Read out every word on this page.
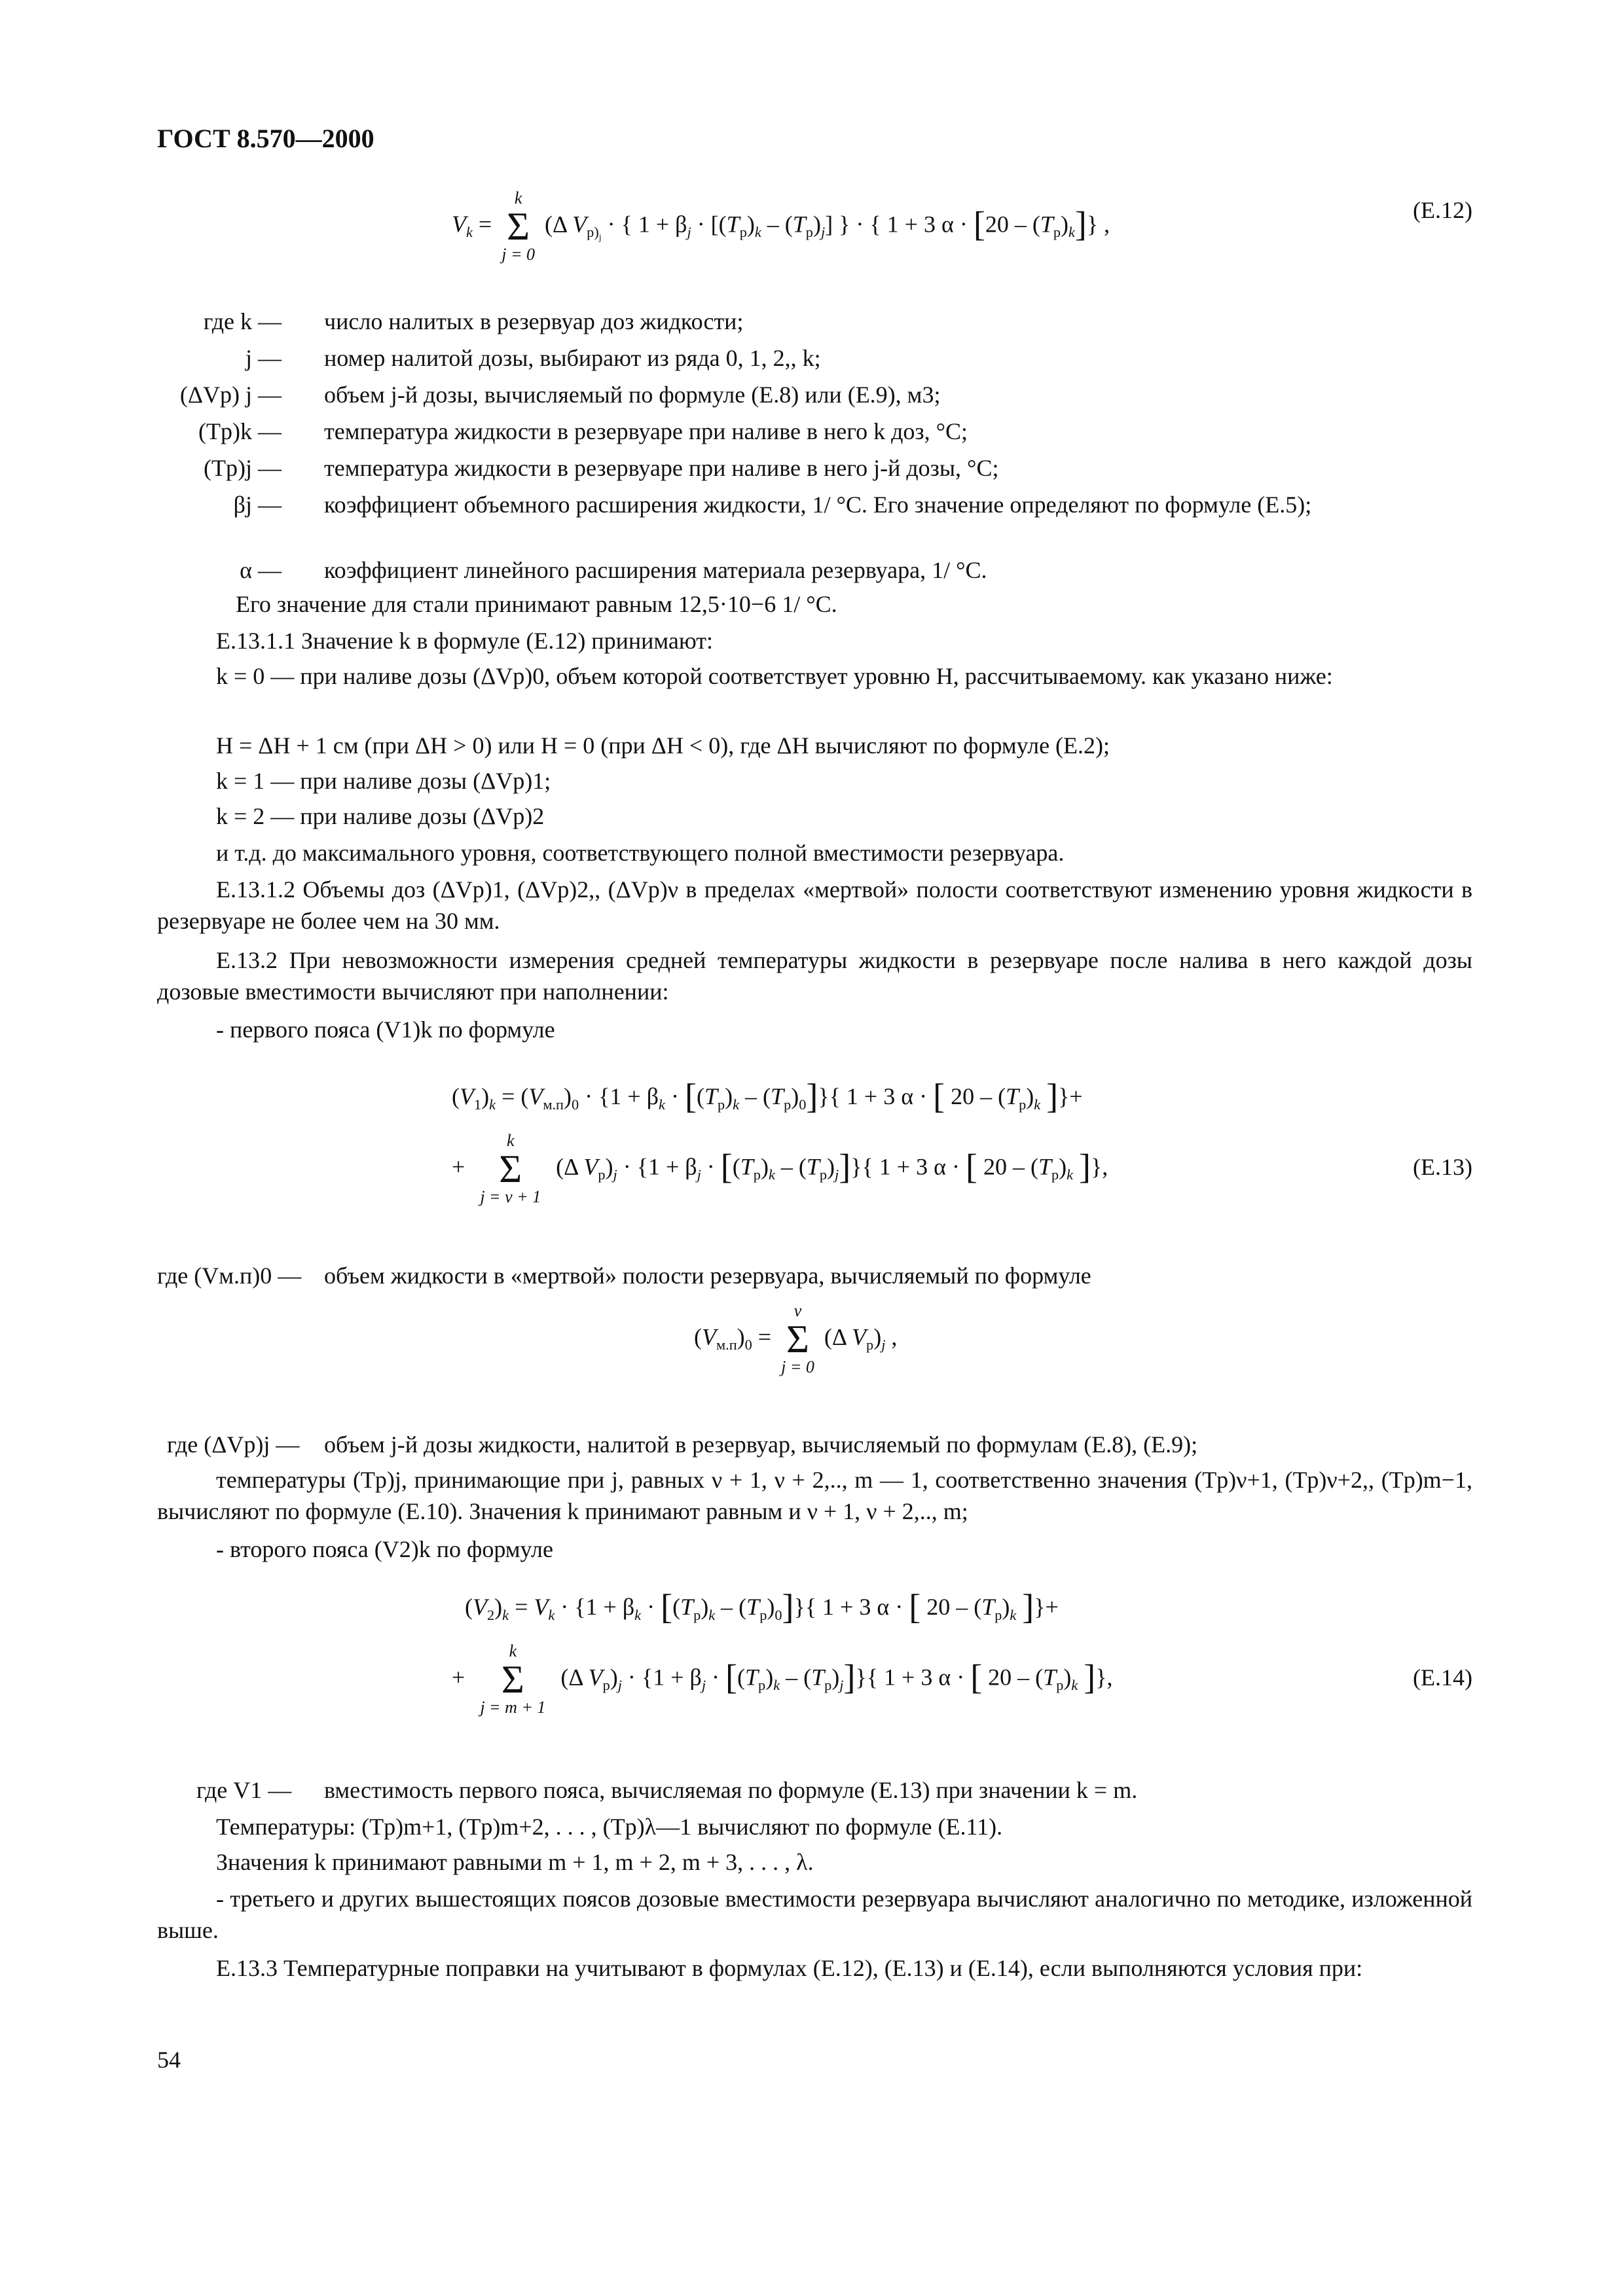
ГОСТ 8.570—2000
$V_k$ =
k
Σ
j = 0
(Δ $V_{р)_j}$ · { $1 + \beta_j \cdot [(T_р)_k - (T_р)_j]$ } · { 1 + 3 $\alpha \cdot [20 - (T_р)_k]$} ,
(Е.12)
где k — число налитых в резервуар доз жидкости;
j — номер налитой дозы, выбирают из ряда 0, 1, 2,, k;
(ΔVр) j — объем j-й дозы, вычисляемый по формуле (Е.8) или (Е.9), м3;
(Tр)k — температура жидкости в резервуаре при наливе в него k доз, °С;
(Tр)j — температура жидкости в резервуаре при наливе в него j-й дозы, °С;
βj — коэффициент объемного расширения жидкости, 1/ °С. Его значение определяют по формуле (Е.5);
α — коэффициент линейного расширения материала резервуара, 1/ °С.
Его значение для стали принимают равным 12,5·10−6 1/ °С.
Е.13.1.1 Значение k в формуле (Е.12) принимают:
k = 0 — при наливе дозы (ΔVр)0, объем которой соответствует уровню Н, рассчитываемому. как указано ниже:
Н = ΔН + 1 см (при ΔН > 0) или Н = 0 (при ΔН < 0), где ΔН вычисляют по формуле (Е.2);
k = 1 — при наливе дозы (ΔVр)1;
k = 2 — при наливе дозы (ΔVр)2
и т.д. до максимального уровня, соответствующего полной вместимости резервуара.
Е.13.1.2 Объемы доз (ΔVр)1, (ΔVр)2,, (ΔVр)ν в пределах «мертвой» полости соответствуют изменению уровня жидкости в резервуаре не более чем на 30 мм.
Е.13.2 При невозможности измерения средней температуры жидкости в резервуаре после налива в него каждой дозы дозовые вместимости вычисляют при наполнении:
- первого пояса (V1)k по формуле
$(V_1)_k = (V_{м.п})_0 \cdot \{1 + \beta_k \cdot [(T_р)_k - (T_р)_0]\}${ 1 + 3 α · [ $20 - (T_р)_k$ ]}+
+
k
Σ
j = ν + 1
(Δ $V_р)_j \cdot \{1 + \beta_j \cdot [(T_р)_k - (T_р)_j]\}${ 1 + 3 α · [ $20 - (T_р)_k$ ]},	(Е.13)
где (Vм.п)0 — объем жидкости в «мертвой» полости резервуара, вычисляемый по формуле
$(V_{м.п})_0$ =
ν
Σ
j = 0
(Δ $V_р)_j$ ,
где (ΔVр)j — объем j-й дозы жидкости, налитой в резервуар, вычисляемый по формулам (Е.8), (Е.9);
температуры (Tр)j, принимающие при j, равных ν + 1, ν + 2,.., m — 1, соответственно значения (Tр)ν+1, (Tр)ν+2,, (Tр)m−1, вычисляют по формуле (Е.10). Значения k принимают равным и ν + 1, ν + 2,.., m;
- второго пояса (V2)k по формуле
$(V_2)_k = V_k \cdot \{1 + \beta_k \cdot [(T_р)_k - (T_р)_0]\}${ 1 + 3 α · [ $20 - (T_р)_k$ ]}+
+
k
Σ
j = m + 1
(Δ $V_р)_j \cdot \{1 + \beta_j \cdot [(T_р)_k - (T_р)_j]\}${ 1 + 3 α · [ $20 - (T_р)_k$ ]},	(Е.14)
где V1 — вместимость первого пояса, вычисляемая по формуле (Е.13) при значении k = m.
Температуры: (Tр)m+1, (Tр)m+2, . . . , (Tр)λ—1 вычисляют по формуле (Е.11).
Значения k принимают равными m + 1, m + 2, m + 3, . . . , λ.
- третьего и других вышестоящих поясов дозовые вместимости резервуара вычисляют аналогично по методике, изложенной выше.
Е.13.3 Температурные поправки на учитывают в формулах (Е.12), (Е.13) и (Е.14), если выполняются условия при:
54
